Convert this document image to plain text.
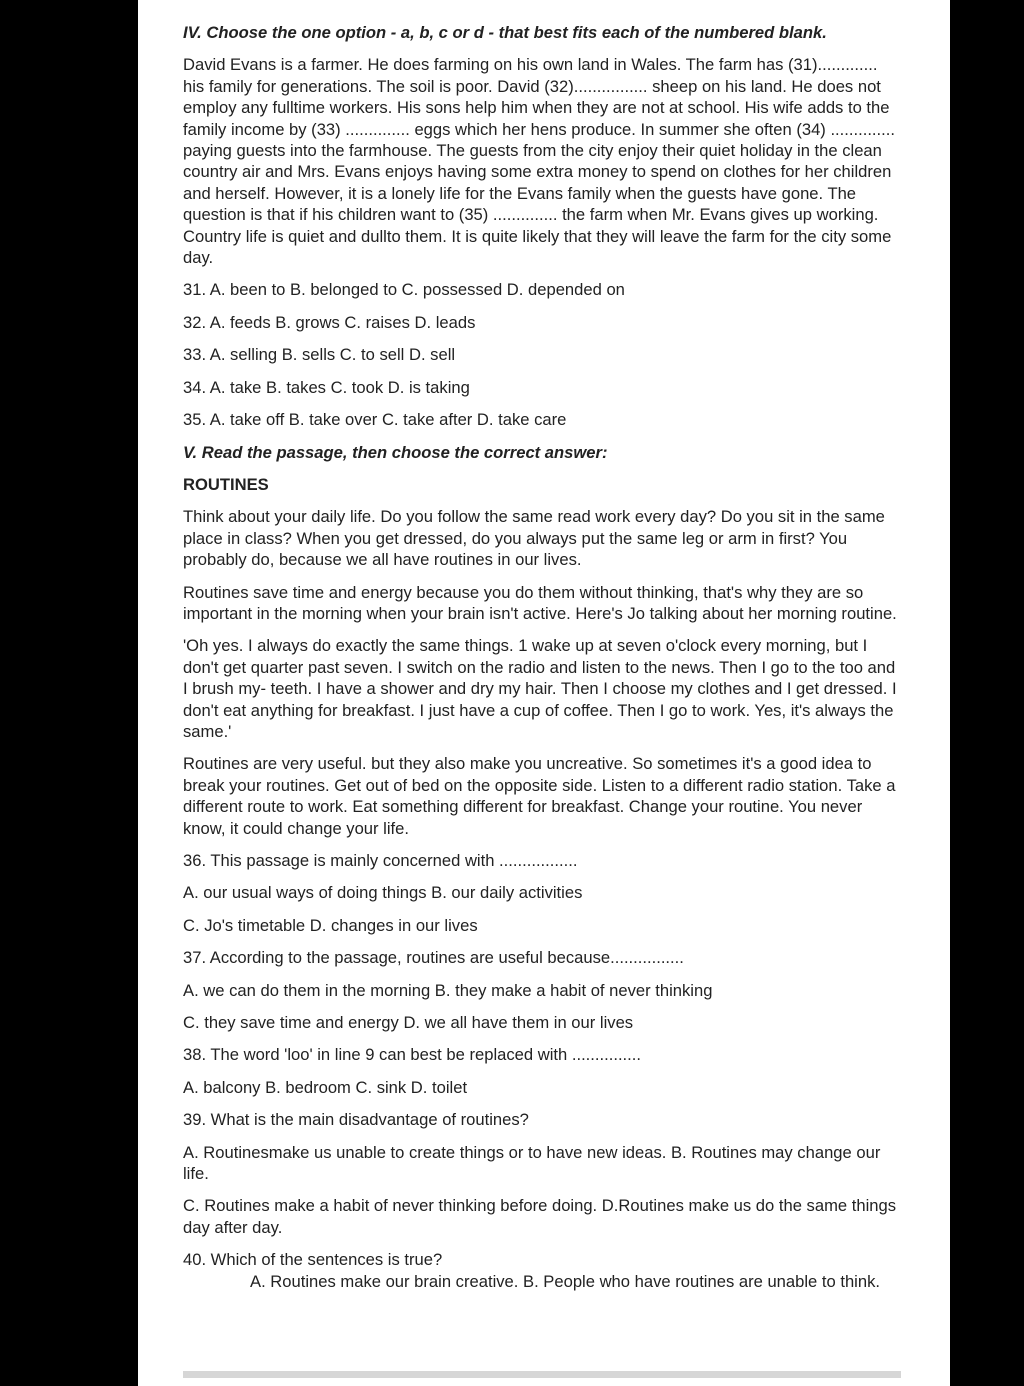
IV. Choose the one option - a, b, c or d - that best fits each of the numbered blank.

David Evans is a farmer. He does farming on his own land in Wales. The farm has (31)............. his family for generations. The soil is poor. David (32)................ sheep on his land. He does not employ any fulltime workers. His sons help him when they are not at school. His wife adds to the family income by (33) .............. eggs which her hens produce. In summer she often (34) .............. paying guests into the farmhouse. The guests from the city enjoy their quiet holiday in the clean country air and Mrs. Evans enjoys having some extra money to spend on clothes for her children and herself. However, it is a lonely life for the Evans family when the guests have gone. The question is that if his children want to (35) .............. the farm when Mr. Evans gives up working. Country life is quiet and dullto them. It is quite likely that they will leave the farm for the city some day.

31. A. been to B. belonged to C. possessed D. depended on
32. A. feeds B. grows C. raises D. leads
33. A. selling B. sells C. to sell D. sell
34. A. take B. takes C. took D. is taking
35. A. take off B. take over C. take after D. take care
V. Read the passage, then choose the correct answer:
ROUTINES

Think about your daily life. Do you follow the same read work every day? Do you sit in the same place in class? When you get dressed, do you always put the same leg or arm in first? You probably do, because we all have routines in our lives.

Routines save time and energy because you do them without thinking, that's why they are so important in the morning when your brain isn't active. Here's Jo talking about her morning routine.

'Oh yes. I always do exactly the same things. 1 wake up at seven o'clock every morning, but I don't get quarter past seven. I switch on the radio and listen to the news. Then I go to the too and I brush my- teeth. I have a shower and dry my hair. Then I choose my clothes and I get dressed. I don't eat anything for breakfast. I just have a cup of coffee. Then I go to work. Yes, it's always the same.'

Routines are very useful. but they also make you uncreative. So sometimes it's a good idea to break your routines. Get out of bed on the opposite side. Listen to a different radio station. Take a different route to work. Eat something different for breakfast. Change your routine. You never know, it could change your life.

36. This passage is mainly concerned with .................
A. our usual ways of doing things B. our daily activities
C. Jo's timetable D. changes in our lives
37. According to the passage, routines are useful because................
A. we can do them in the morning B. they make a habit of never thinking
C. they save time and energy D. we all have them in our lives
38. The word 'loo' in line 9 can best be replaced with ...............
A. balcony B. bedroom C. sink D. toilet
39. What is the main disadvantage of routines?
A. Routinesmake us unable to create things or to have new ideas. B. Routines may change our life.
C. Routines make a habit of never thinking before doing. D.Routines make us do the same things day after day.
40. Which of the sentences is true?
A. Routines make our brain creative. B. People who have routines are unable to think.
